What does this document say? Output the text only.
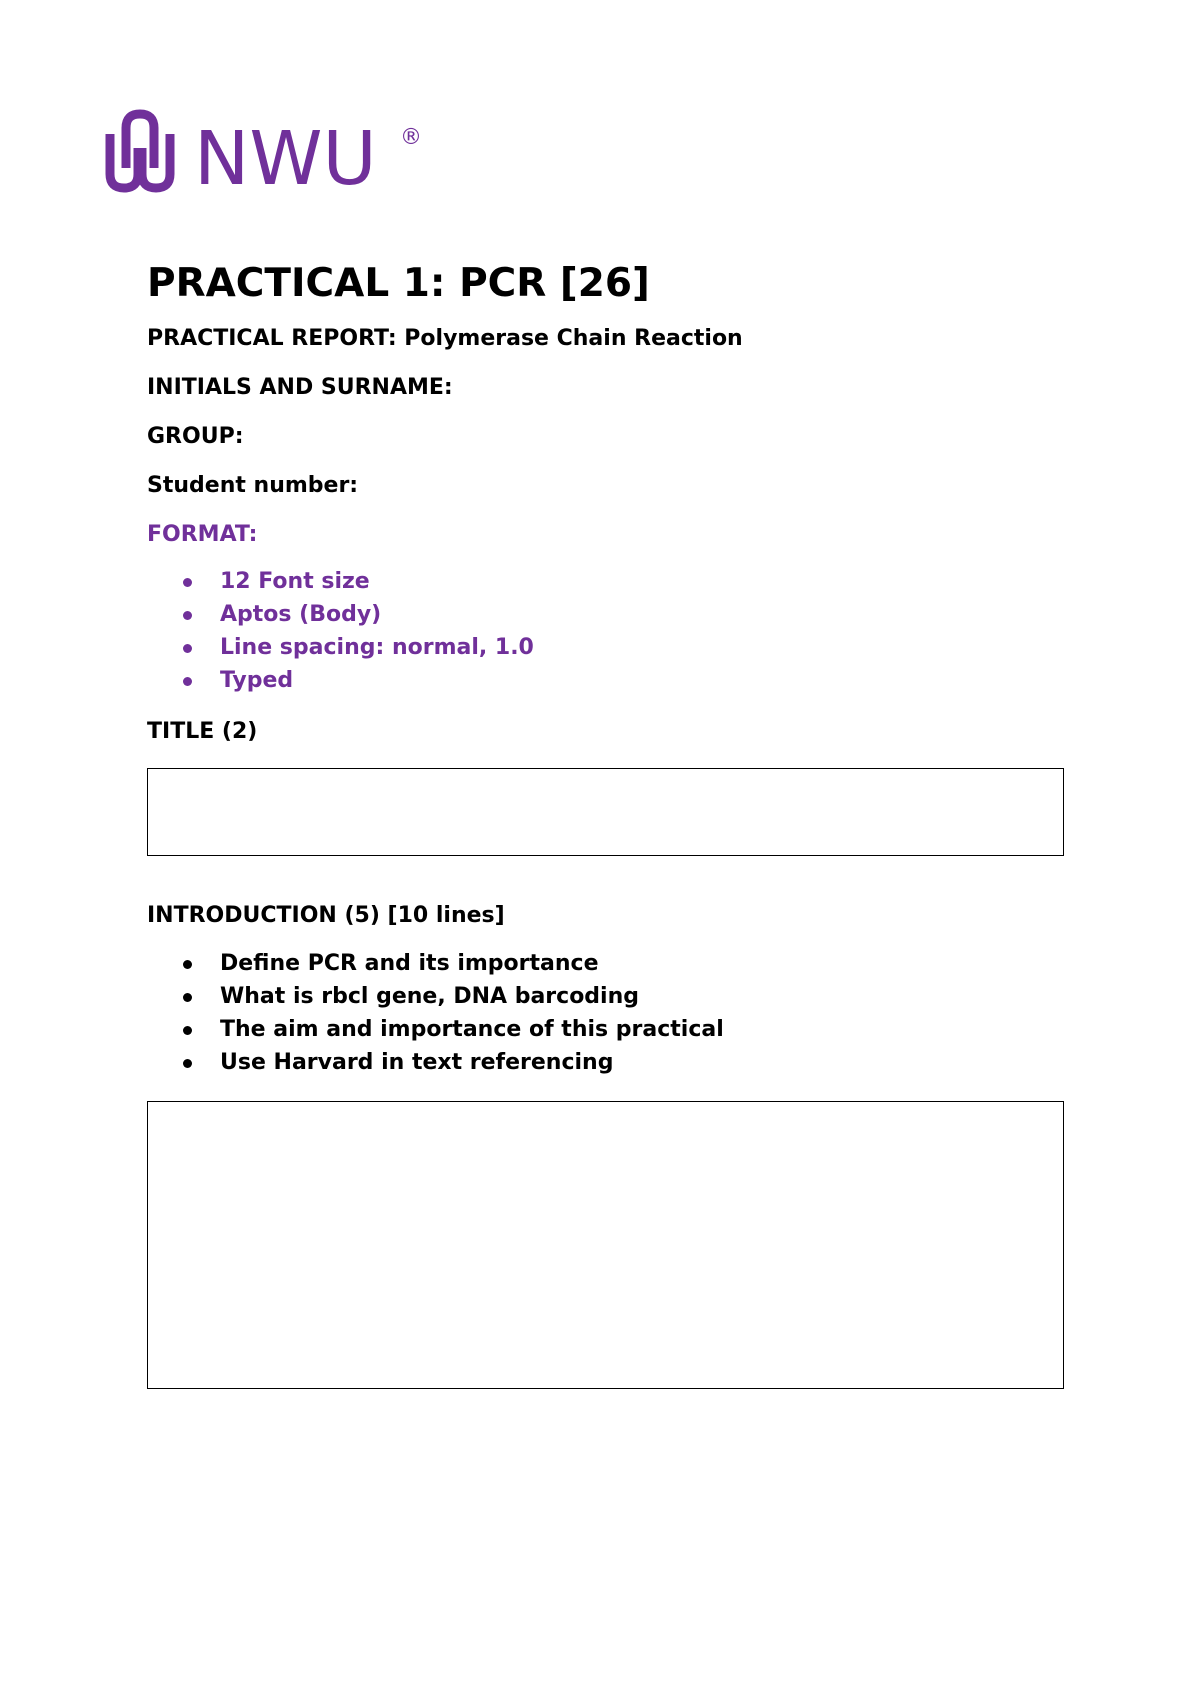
NWU ®
PRACTICAL 1: PCR [26]

PRACTICAL REPORT: Polymerase Chain Reaction

INITIALS AND SURNAME:

GROUP:

Student number:

FORMAT:

12 Font size
Aptos (Body)
Line spacing: normal, 1.0
Typed

TITLE (2)

INTRODUCTION (5) [10 lines]

Define PCR and its importance
What is rbcl gene, DNA barcoding
The aim and importance of this practical
Use Harvard in text referencing
